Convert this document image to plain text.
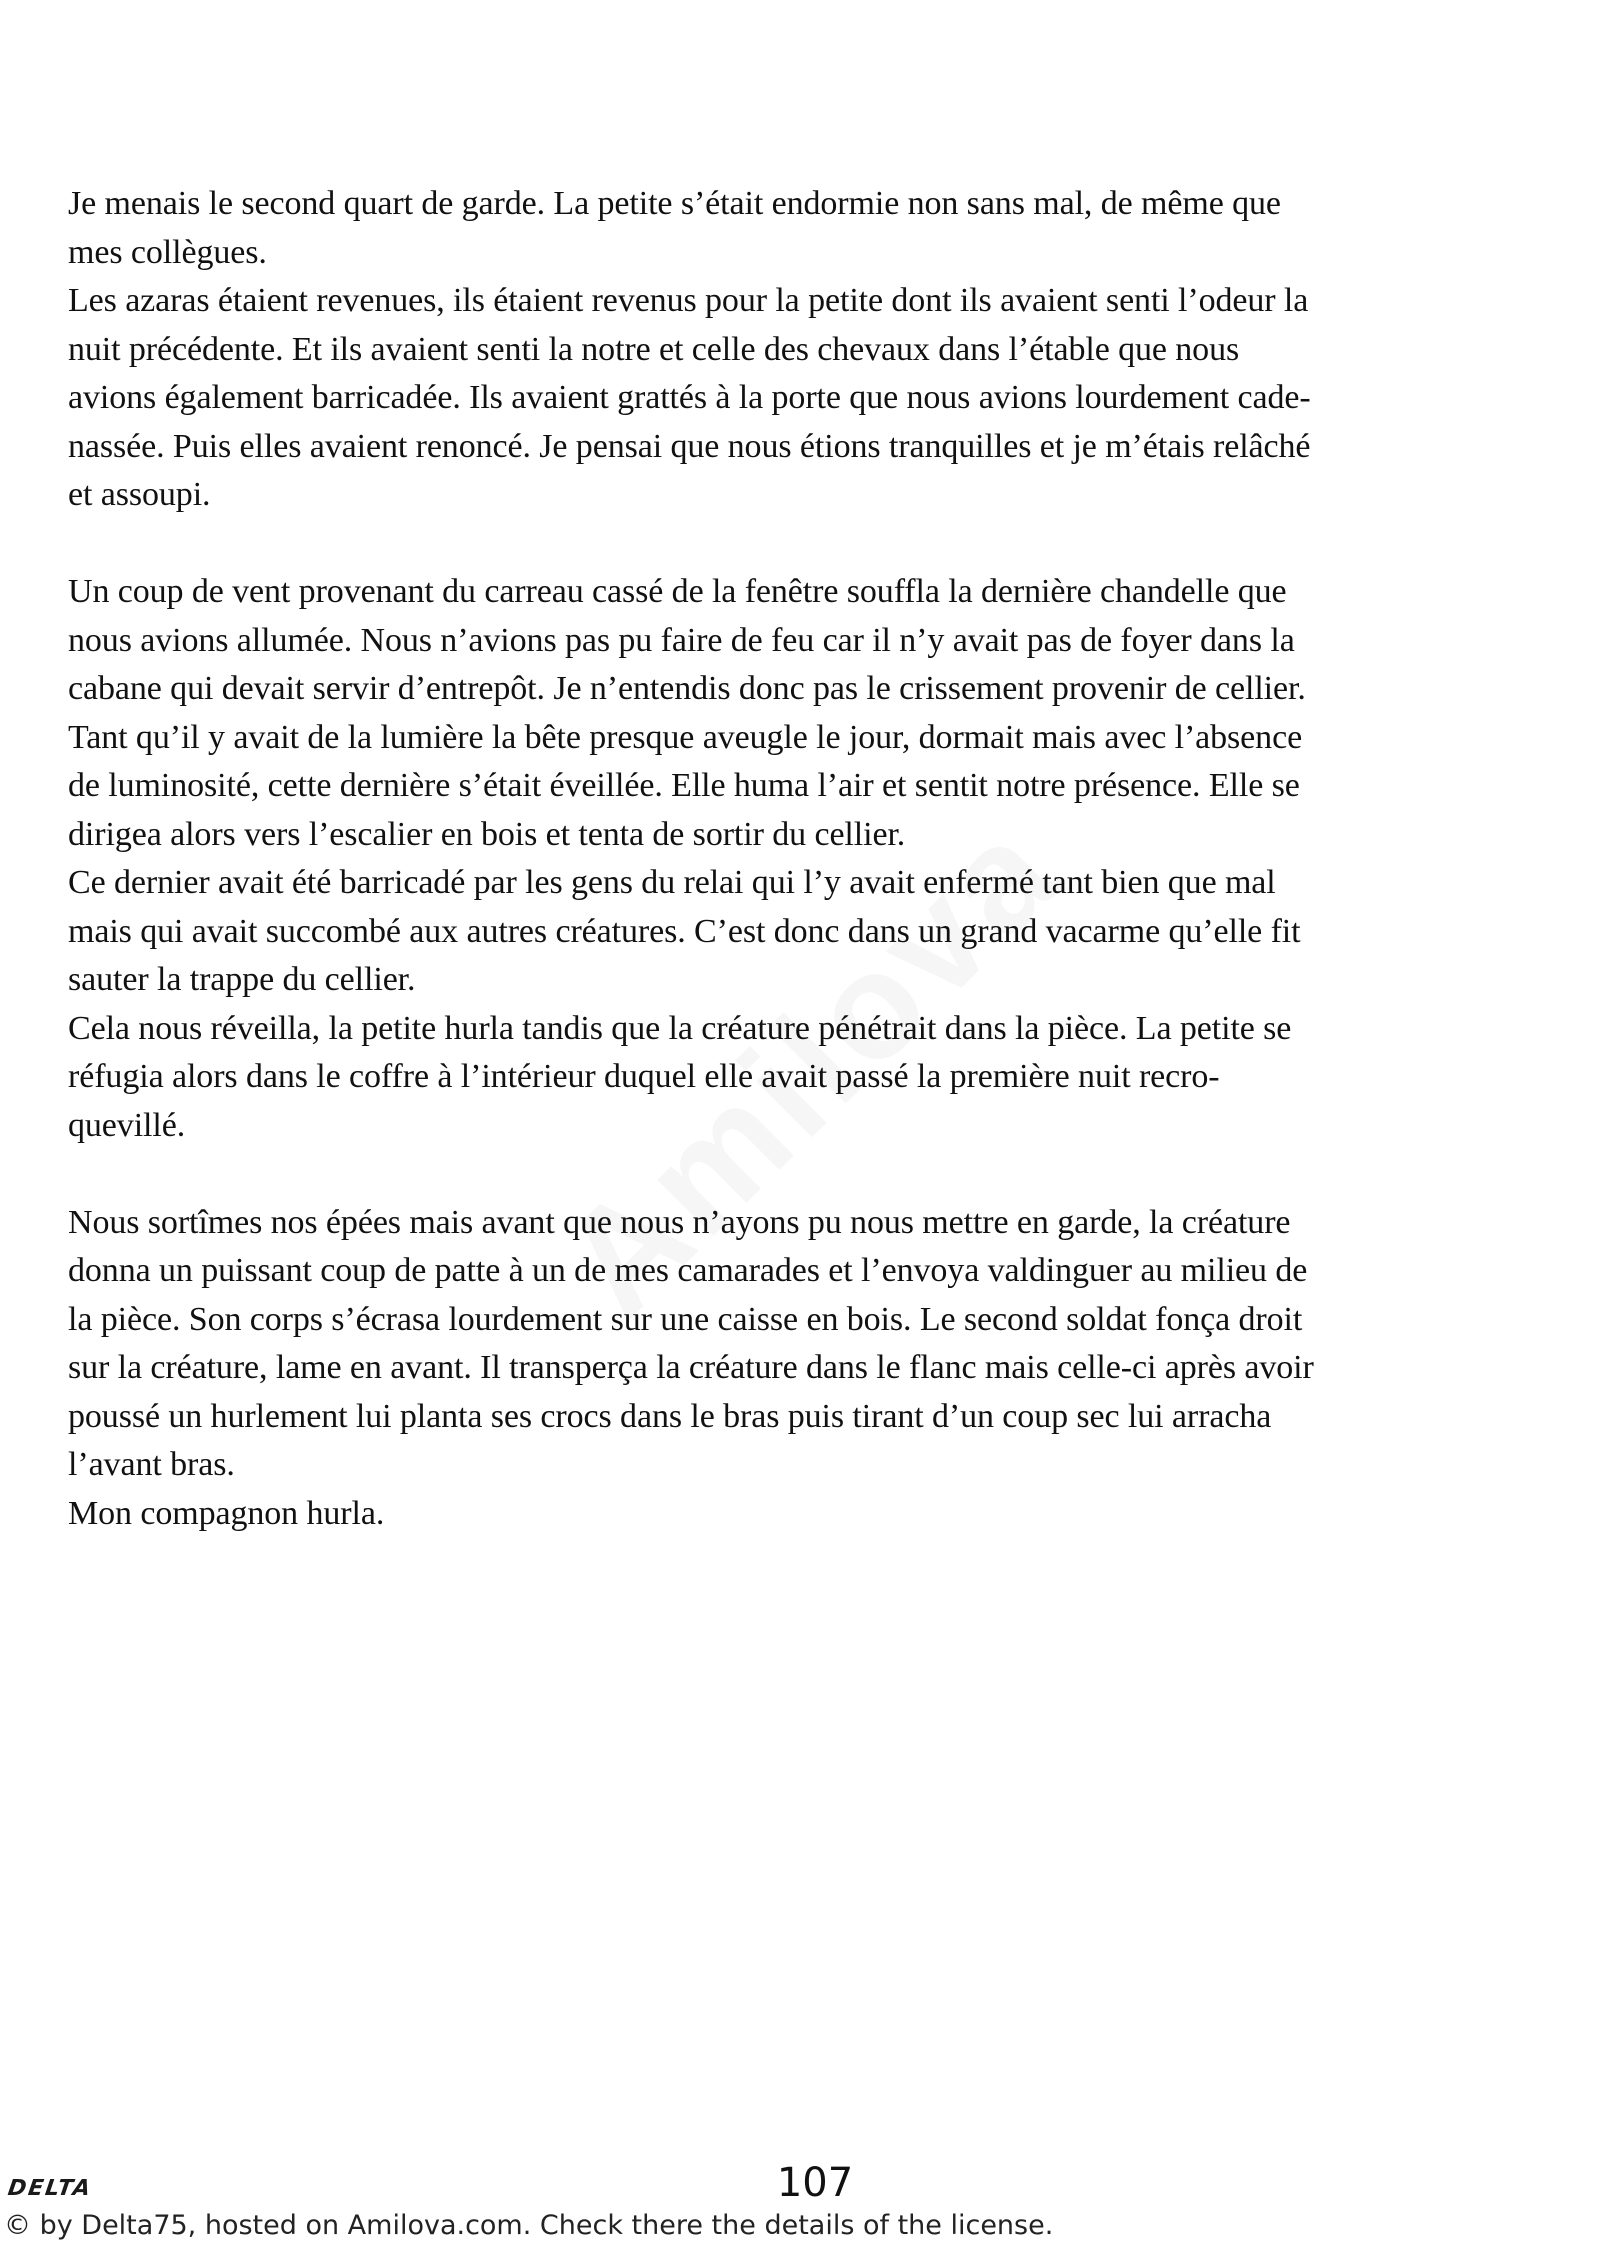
Je menais le second quart de garde. La petite s’était endormie non sans mal, de même que
mes collègues.
Les azaras étaient revenues, ils étaient revenus pour la petite dont ils avaient senti l’odeur la
nuit précédente. Et ils avaient senti la notre et celle des chevaux dans l’étable que nous
avions également barricadée. Ils avaient grattés à la porte que nous avions lourdement cade-
nassée. Puis elles avaient renoncé. Je pensai que nous étions tranquilles et je m’étais relâché
et assoupi.

Un coup de vent provenant du carreau cassé de la fenêtre souffla la dernière chandelle que
nous avions allumée. Nous n’avions pas pu faire de feu car il n’y avait pas de foyer dans la
cabane qui devait servir d’entrepôt. Je n’entendis donc pas le crissement provenir de cellier.
Tant qu’il y avait de la lumière la bête presque aveugle le jour, dormait mais avec l’absence
de luminosité, cette dernière s’était éveillée. Elle huma l’air et sentit notre présence. Elle se
dirigea alors vers l’escalier en bois et tenta de sortir du cellier.
Ce dernier avait été barricadé par les gens du relai qui l’y avait enfermé tant bien que mal
mais qui avait succombé aux autres créatures. C’est donc dans un grand vacarme qu’elle fit
sauter la trappe du cellier.
Cela nous réveilla, la petite hurla tandis que la créature pénétrait dans la pièce. La petite se
réfugia alors dans le coffre à l’intérieur duquel elle avait passé la première nuit recro-
quevillé.

Nous sortîmes nos épées mais avant que nous n’ayons pu nous mettre en garde, la créature
donna un puissant coup de patte à un de mes camarades et l’envoya valdinguer au milieu de
la pièce. Son corps s’écrasa lourdement sur une caisse en bois. Le second soldat fonça droit
sur la créature, lame en avant. Il transperça la créature dans le flanc mais celle-ci après avoir
poussé un hurlement lui planta ses crocs dans le bras puis tirant d’un coup sec lui arracha
l’avant bras.
Mon compagnon hurla.

DELTA	107
© by Delta75, hosted on Amilova.com. Check there the details of the license.
